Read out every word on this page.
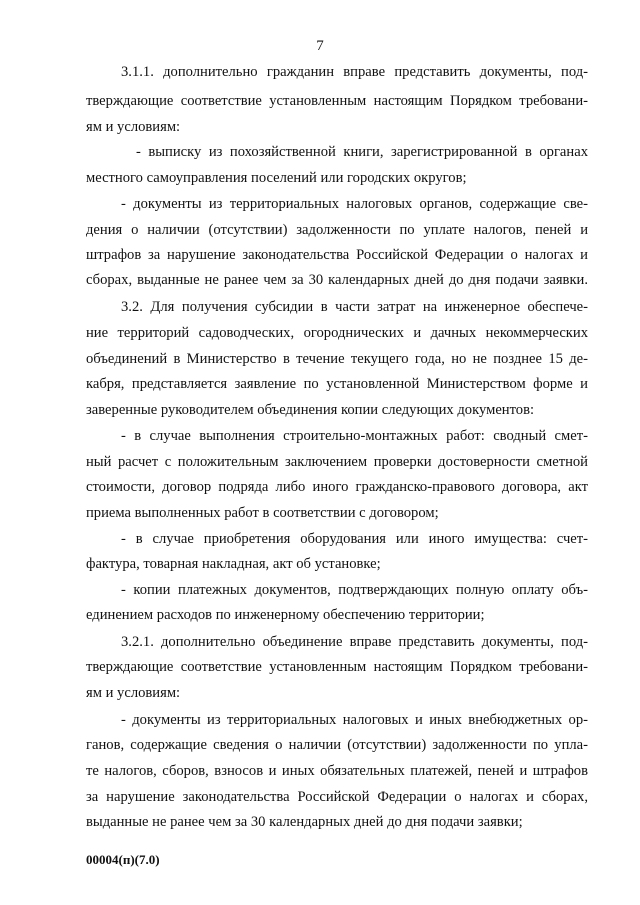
7
3.1.1. дополнительно гражданин вправе представить документы, под-
тверждающие соответствие установленным настоящим Порядком требовани-
ям и условиям:
- выписку из похозяйственной книги, зарегистрированной в органах
местного самоуправления поселений или городских округов;
- документы из территориальных налоговых органов, содержащие све-
дения о наличии (отсутствии) задолженности по уплате налогов, пеней и
штрафов за нарушение законодательства Российской Федерации о налогах и
сборах, выданные не ранее чем за 30 календарных дней до дня подачи заявки.
3.2. Для получения субсидии в части затрат на инженерное обеспече-
ние территорий садоводческих, огороднических и дачных некоммерческих
объединений в Министерство в течение текущего года, но не позднее 15 де-
кабря, представляется заявление по установленной Министерством форме и
заверенные руководителем объединения копии следующих документов:
- в случае выполнения строительно-монтажных работ: сводный смет-
ный расчет с положительным заключением проверки достоверности сметной
стоимости, договор подряда либо иного гражданско-правового договора, акт
приема выполненных работ в соответствии с договором;
- в случае приобретения оборудования или иного имущества: счет-
фактура, товарная накладная, акт об установке;
- копии платежных документов, подтверждающих полную оплату объ-
единением расходов по инженерному обеспечению территории;
3.2.1. дополнительно объединение вправе представить документы, под-
тверждающие соответствие установленным настоящим Порядком требовани-
ям и условиям:
- документы из территориальных налоговых и иных внебюджетных ор-
ганов, содержащие сведения о наличии (отсутствии) задолженности по упла-
те налогов, сборов, взносов и иных обязательных платежей, пеней и штрафов
за нарушение законодательства Российской Федерации о налогах и сборах,
выданные не ранее чем за 30 календарных дней до дня подачи заявки;
00004(п)(7.0)
